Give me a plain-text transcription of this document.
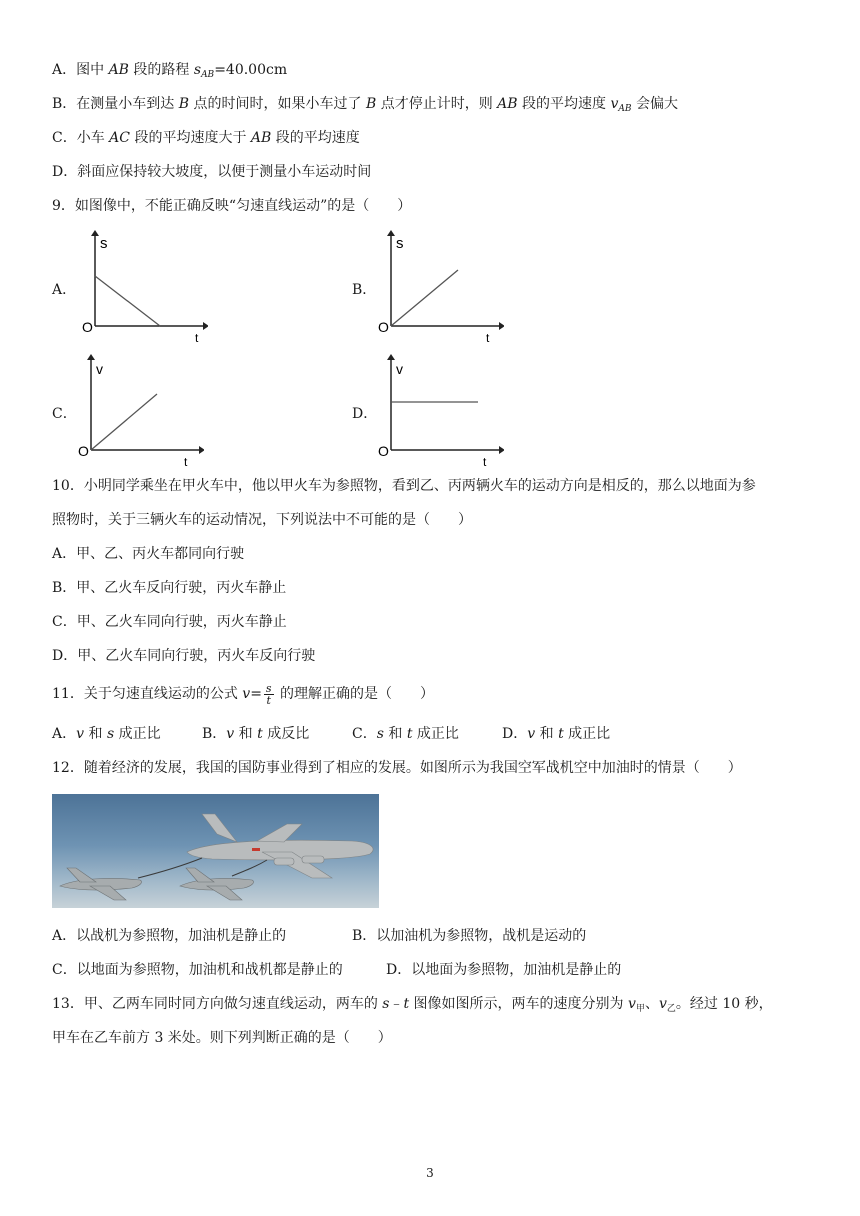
A．图中 AB 段的路程 $s_{AB}=40.00cm$
B．在测量小车到达 B 点的时间时，如果小车过了 B 点才停止计时，则 AB 段的平均速度 $v_{AB}$ 会偏大
C．小车 AC 段的平均速度大于 AB 段的平均速度
D．斜面应保持较大坡度，以便于测量小车运动时间
9．如图像中，不能正确反映“匀速直线运动”的是（　　）
A．
s
t
O
B．
s
t
O
C．
v
t
O
D．
v
t
O
10．小明同学乘坐在甲火车中，他以甲火车为参照物，看到乙、丙两辆火车的运动方向是相反的，那么以地面为参
照物时，关于三辆火车的运动情况，下列说法中不可能的是（　　）
A．甲、乙、丙火车都同向行驶
B．甲、乙火车反向行驶，丙火车静止
C．甲、乙火车同向行驶，丙火车静止
D．甲、乙火车同向行驶，丙火车反向行驶
11．关于匀速直线运动的公式 $v= \frac{s}{t}$ 的理解正确的是（　　）
A．v 和 s 成正比	B．v 和 t 成反比	C．s 和 t 成正比	D．v 和 t 成正比
12．随着经济的发展，我国的国防事业得到了相应的发展。如图所示为我国空军战机空中加油时的情景（　　）
A．以战机为参照物，加油机是静止的	B．以加油机为参照物，战机是运动的
C．以地面为参照物，加油机和战机都是静止的	D．以地面为参照物，加油机是静止的
13．甲、乙两车同时同方向做匀速直线运动，两车的 s﹣t 图像如图所示，两车的速度分别为 $v_甲$、$v_乙$。经过 10 秒，
甲车在乙车前方 3 米处。则下列判断正确的是（　　）
3
